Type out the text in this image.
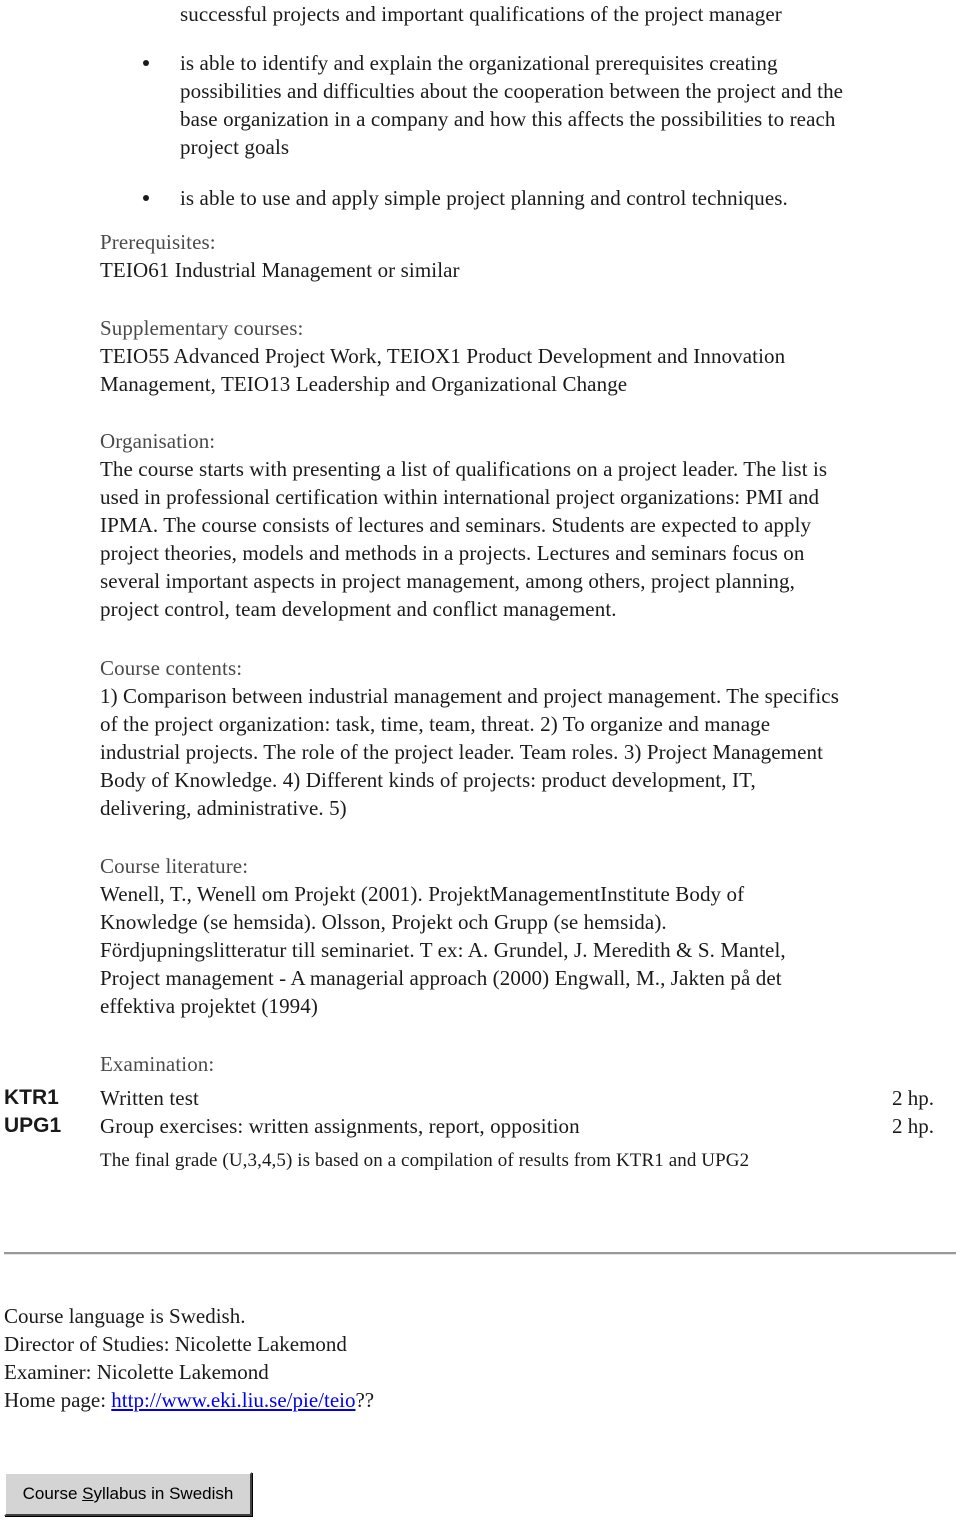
successful projects and important qualifications of the project manager
is able to identify and explain the organizational prerequisites creating
possibilities and difficulties about the cooperation between the project and the
base organization in a company and how this affects the possibilities to reach
project goals
is able to use and apply simple project planning and control techniques.
Prerequisites:
TEIO61 Industrial Management or similar
Supplementary courses:
TEIO55 Advanced Project Work, TEIOX1 Product Development and Innovation
Management, TEIO13 Leadership and Organizational Change
Organisation:
The course starts with presenting a list of qualifications on a project leader. The list is
used in professional certification within international project organizations: PMI and
IPMA. The course consists of lectures and seminars. Students are expected to apply
project theories, models and methods in a projects. Lectures and seminars focus on
several important aspects in project management, among others, project planning,
project control, team development and conflict management.
Course contents:
1) Comparison between industrial management and project management. The specifics
of the project organization: task, time, team, threat. 2) To organize and manage
industrial projects. The role of the project leader. Team roles. 3) Project Management
Body of Knowledge. 4) Different kinds of projects: product development, IT,
delivering, administrative. 5)
Course literature:
Wenell, T., Wenell om Projekt (2001). ProjektManagementInstitute Body of
Knowledge (se hemsida). Olsson, Projekt och Grupp (se hemsida).
Fördjupningslitteratur till seminariet. T ex: A. Grundel, J. Meredith & S. Mantel,
Project management - A managerial approach (2000) Engwall, M., Jakten på det
effektiva projektet (1994)
Examination:
KTR1 Written test	2 hp.
UPG1 Group exercises: written assignments, report, opposition	2 hp.
The final grade (U,3,4,5) is based on a compilation of results from KTR1 and UPG2
Course language is Swedish.
Director of Studies: Nicolette Lakemond
Examiner: Nicolette Lakemond
Home page: http://www.eki.liu.se/pie/teio??
Course Syllabus in Swedish
